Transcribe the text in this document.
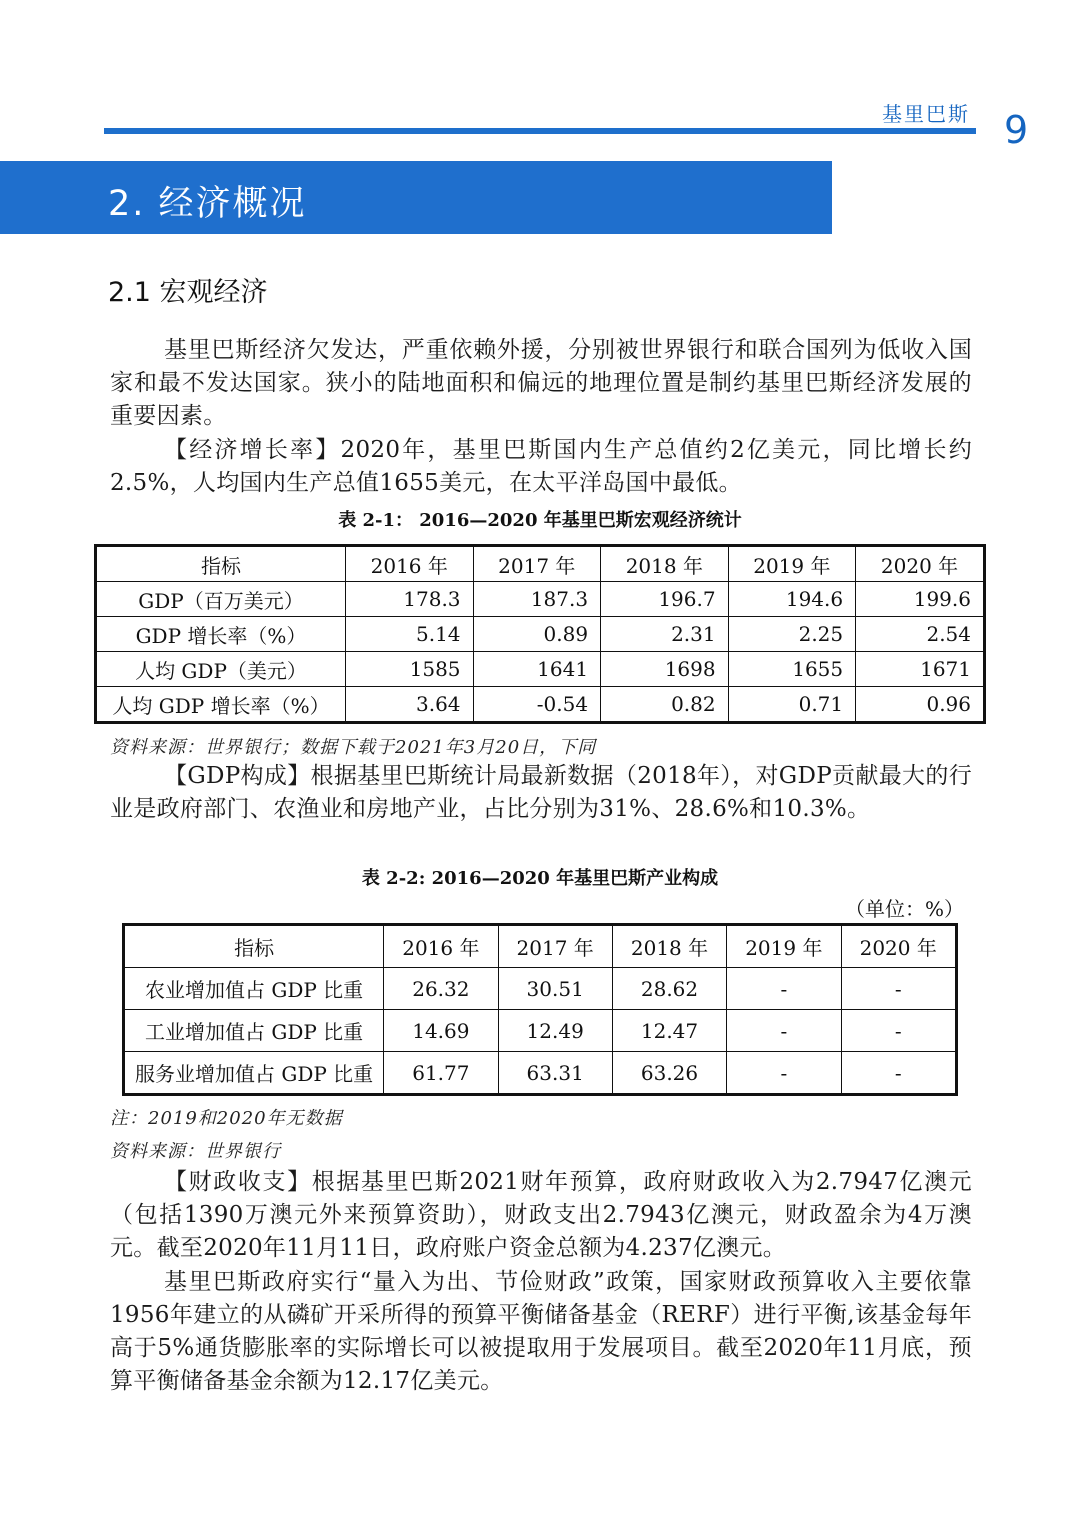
基里巴斯 9
2. 经济概况
2.1 宏观经济

基里巴斯经济欠发达，严重依赖外援，分别被世界银行和联合国列为低收入国家和最不发达国家。狭小的陆地面积和偏远的地理位置是制约基里巴斯经济发展的重要因素。

【经济增长率】2020年，基里巴斯国内生产总值约2亿美元，同比增长约2.5%，人均国内生产总值1655美元，在太平洋岛国中最低。

表 2-1： 2016—2020 年基里巴斯宏观经济统计
指标	2016 年	2017 年	2018 年	2019 年	2020 年
GDP（百万美元）	178.3	187.3	196.7	194.6	199.6
GDP 增长率（%）	5.14	0.89	2.31	2.25	2.54
人均 GDP（美元）	1585	1641	1698	1655	1671
人均 GDP 增长率（%）	3.64	-0.54	0.82	0.71	0.96
资料来源：世界银行；数据下载于2021年3月20日，下同

【GDP构成】根据基里巴斯统计局最新数据（2018年），对GDP贡献最大的行业是政府部门、农渔业和房地产业，占比分别为31%、28.6%和10.3%。

表 2-2: 2016—2020 年基里巴斯产业构成
（单位：%）
指标	2016 年	2017 年	2018 年	2019 年	2020 年
农业增加值占 GDP 比重	26.32	30.51	28.62	-	-
工业增加值占 GDP 比重	14.69	12.49	12.47	-	-
服务业增加值占 GDP 比重	61.77	63.31	63.26	-	-
注：2019和2020年无数据
资料来源：世界银行

【财政收支】根据基里巴斯2021财年预算，政府财政收入为2.7947亿澳元（包括1390万澳元外来预算资助），财政支出2.7943亿澳元，财政盈余为4万澳元。截至2020年11月11日，政府账户资金总额为4.237亿澳元。

基里巴斯政府实行“量入为出、节俭财政”政策，国家财政预算收入主要依靠1956年建立的从磷矿开采所得的预算平衡储备基金（RERF）进行平衡,该基金每年高于5%通货膨胀率的实际增长可以被提取用于发展项目。截至2020年11月底，预算平衡储备基金余额为12.17亿美元。
